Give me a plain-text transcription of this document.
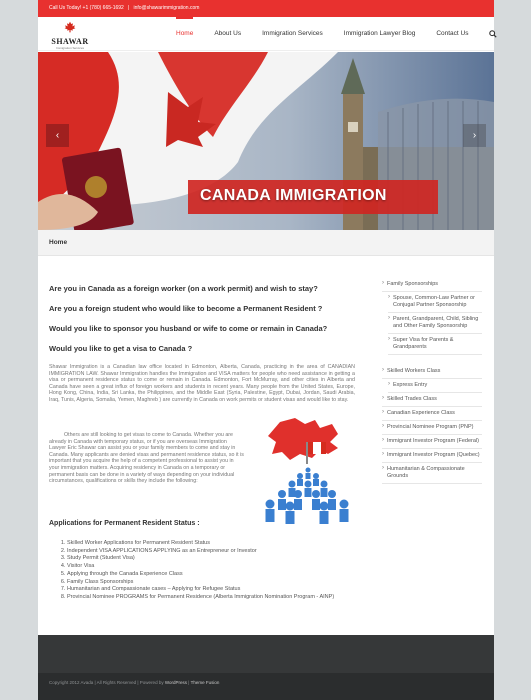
Call Us Today! +1 (780) 665-1692 | info@shawarimmigration.com
SHAWAR
Immigration Services
Home	About Us	Immigration Services	Immigration Lawyer Blog	Contact Us
CANADA IMMIGRATION
‹	›
Home
Are you in Canada as a foreign worker (on a work permit) and wish to stay?
Are you a foreign student who would like to become a Permanent Resident ?
Would you like to sponsor you husband or wife to come or remain in Canada?
Would you like to get a visa to Canada ?
Shawar Immigration is a Canadian law office located in Edmonton, Alberta, Canada, practicing in the area of CANADIAN IMMIGRATION LAW. Shawar Immigration handles the Immigration and VISA matters for people who need assistance in getting a visa or permanent residence status to come or remain in Canada. Edmonton, Fort McMurray, and other cities in Alberta and Canada have seen a great influx of foreign workers and students in recent years. Many people from the United States, Europe, Hong Kong, China, India, Sri Lanka, the Philippines, and the Middle East (Syria, Palestine, Egypt, Dubai, Jordan, Saudi Arabia, Iraq, Tunis, Algeria, Somalia, Yemen, Maghreb ) are currently in Canada on work permits or student visas and would like to stay.
Others are still looking to get visas to come to Canada. Whether you are already in Canada with temporary status, or if you are overseas Immigration Lawyer Eric Shawar can assist you or your family members to come and stay in Canada. Many applicants are denied visas and permanent residence status, so it is important that you acquire the help of a competent professional to assist you in your immigration matters. Acquiring residency in Canada on a temporary or permanent basis can be done in a variety of ways depending on your individual circumstances, qualifications or skills they include the following:
Applications for Permanent Resident Status :
1. Skilled Worker Applications for Permanent Resident Status
2. Independent VISA APPLICATIONS APPLYING as an Entrepreneur or Investor
3. Study Permit (Student Visa)
4. Visitor Visa
5. Applying through the Canada Experience Class
6. Family Class Sponsorships
7. Humanitarian and Compassionate cases – Applying for Refugee Status
8. Provincial Nominee PROGRAMS for Permanent Residence (Alberta Immigration Nomination Program - AINP)
› Family Sponsorships
› Spouse, Common-Law Partner or Conjugal Partner Sponsorship
› Parent, Grandparent, Child, Sibling and Other Family Sponsorship
› Super Visa for Parents & Grandparents
› Skilled Workers Class
› Express Entry
› Skilled Trades Class
› Canadian Experience Class
› Provincial Nominee Program (PNP)
› Immigrant Investor Program (Federal)
› Immigrant Investor Program (Quebec)
› Humanitarian & Compassionate Grounds
Copyright 2012 Avada | All Rights Reserved | Powered by WordPress | Theme Fusion
